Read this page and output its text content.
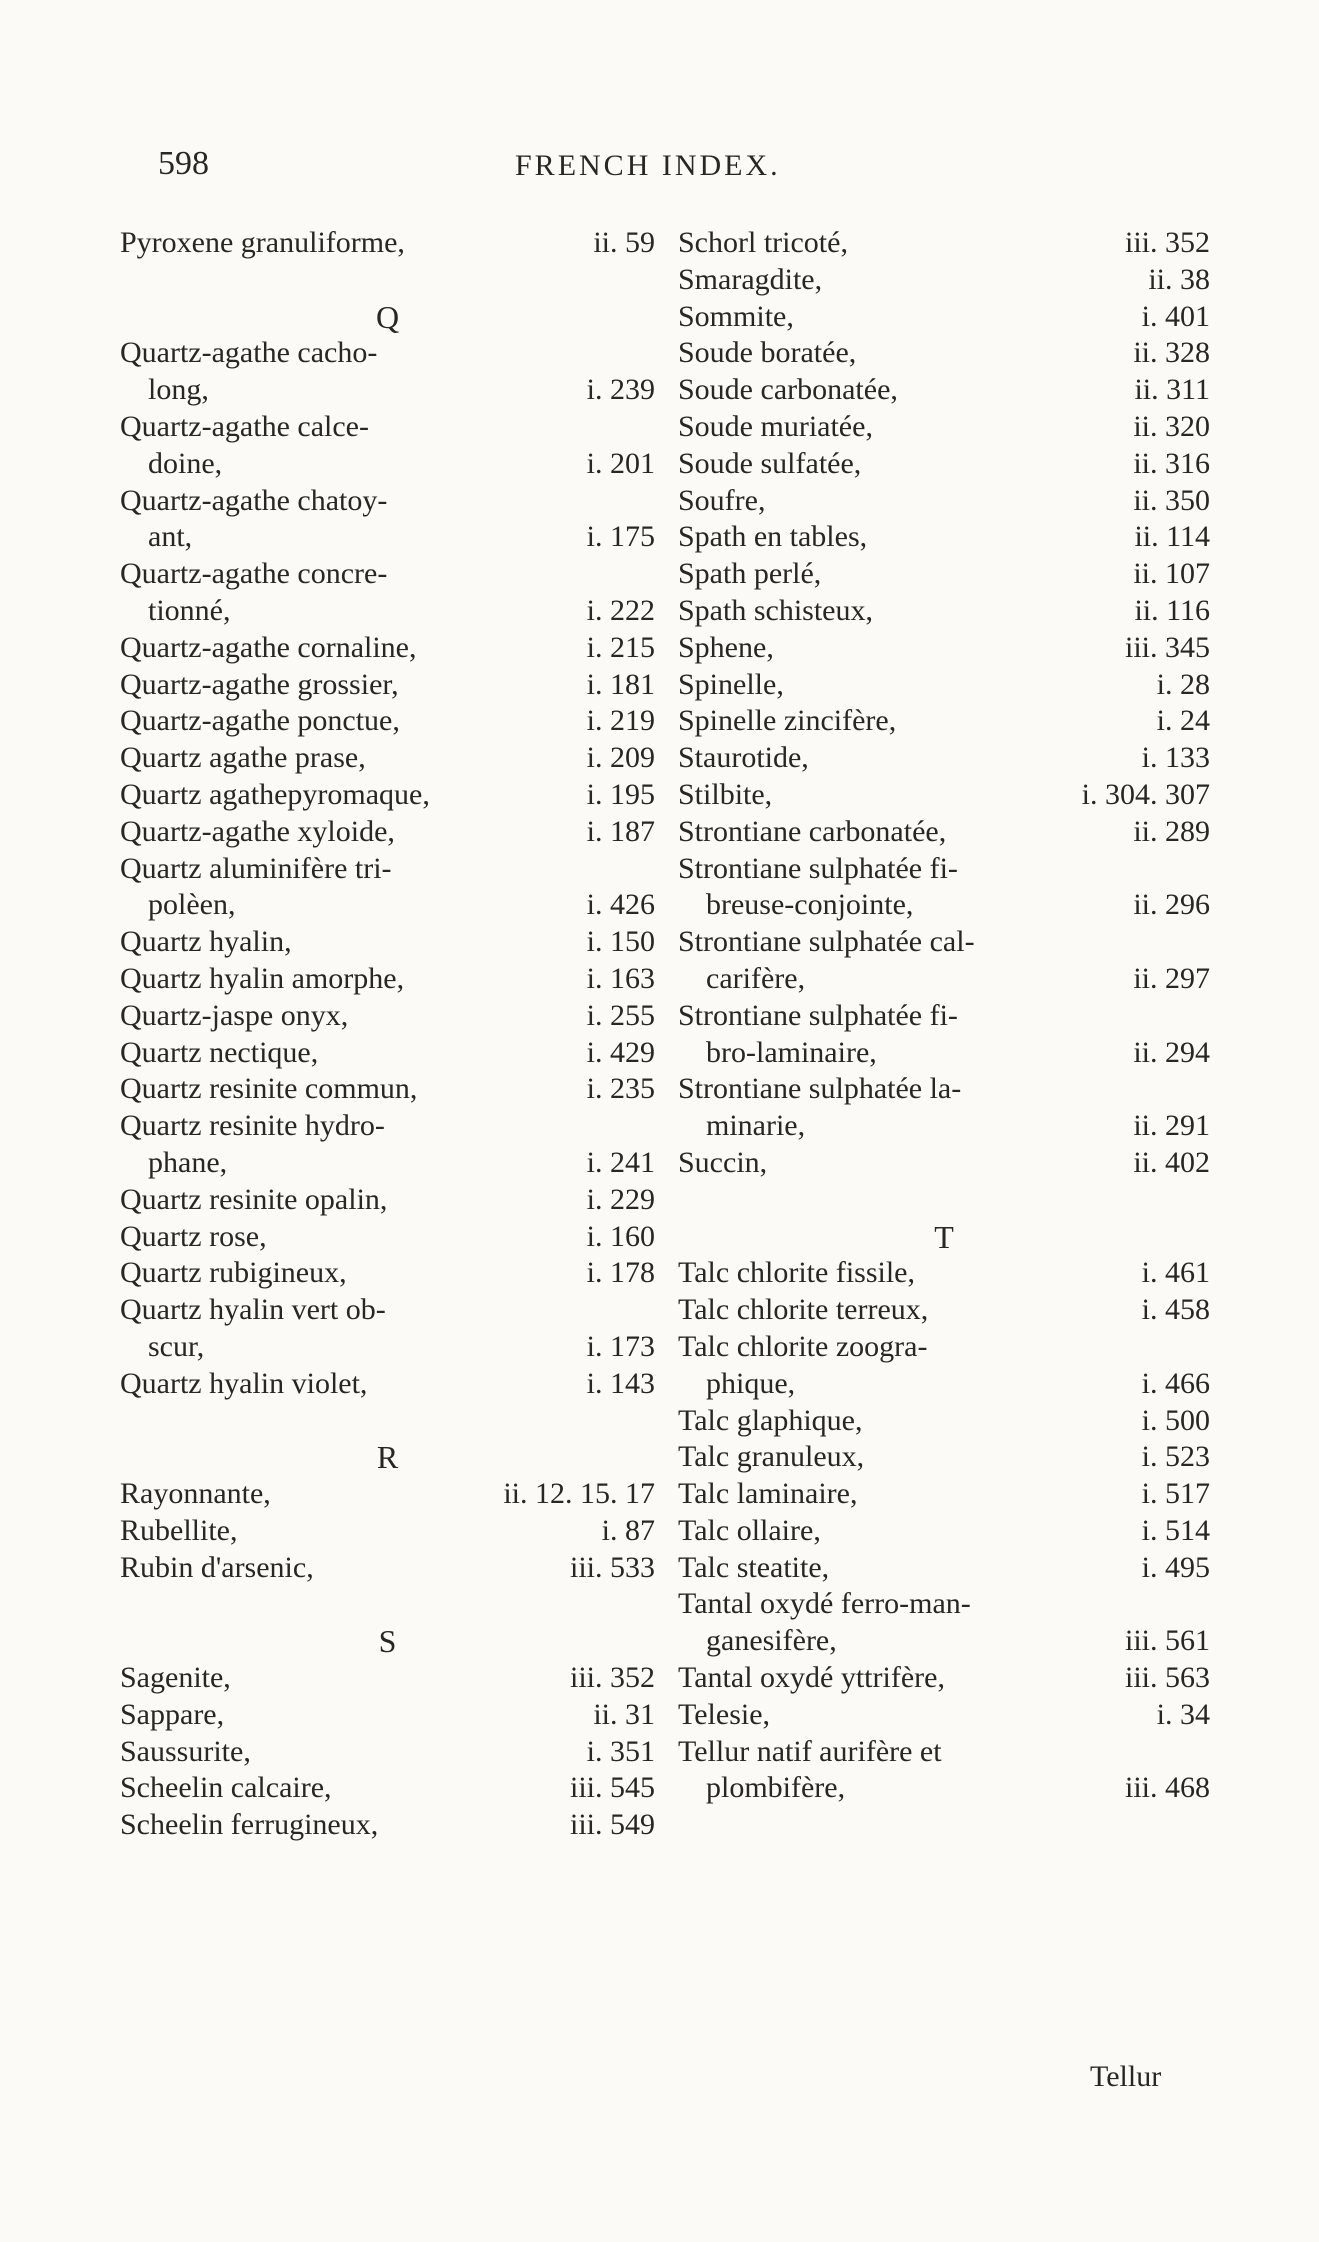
598	FRENCH INDEX.
Pyroxene granuliforme,	ii. 59
Q
Quartz-agathe cacho-
long,	i. 239
Quartz-agathe calce-
doine,	i. 201
Quartz-agathe chatoy-
ant,	i. 175
Quartz-agathe concre-
tionné,	i. 222
Quartz-agathe cornaline,	i. 215
Quartz-agathe grossier,	i. 181
Quartz-agathe ponctue,	i. 219
Quartz agathe prase,	i. 209
Quartz agathepyromaque,	i. 195
Quartz-agathe xyloide,	i. 187
Quartz aluminifère tri-
polèen,	i. 426
Quartz hyalin,	i. 150
Quartz hyalin amorphe,	i. 163
Quartz-jaspe onyx,	i. 255
Quartz nectique,	i. 429
Quartz resinite commun,	i. 235
Quartz resinite hydro-
phane,	i. 241
Quartz resinite opalin,	i. 229
Quartz rose,	i. 160
Quartz rubigineux,	i. 178
Quartz hyalin vert ob-
scur,	i. 173
Quartz hyalin violet,	i. 143
R
Rayonnante,	ii. 12. 15. 17
Rubellite,	i. 87
Rubin d'arsenic,	iii. 533
S
Sagenite,	iii. 352
Sappare,	ii. 31
Saussurite,	i. 351
Scheelin calcaire,	iii. 545
Scheelin ferrugineux,	iii. 549
Schorl tricoté,	iii. 352
Smaragdite,	ii. 38
Sommite,	i. 401
Soude boratée,	ii. 328
Soude carbonatée,	ii. 311
Soude muriatée,	ii. 320
Soude sulfatée,	ii. 316
Soufre,	ii. 350
Spath en tables,	ii. 114
Spath perlé,	ii. 107
Spath schisteux,	ii. 116
Sphene,	iii. 345
Spinelle,	i. 28
Spinelle zincifère,	i. 24
Staurotide,	i. 133
Stilbite,	i. 304. 307
Strontiane carbonatée,	ii. 289
Strontiane sulphatée fi-
breuse-conjointe,	ii. 296
Strontiane sulphatée cal-
carifère,	ii. 297
Strontiane sulphatée fi-
bro-laminaire,	ii. 294
Strontiane sulphatée la-
minarie,	ii. 291
Succin,	ii. 402
T
Talc chlorite fissile,	i. 461
Talc chlorite terreux,	i. 458
Talc chlorite zoogra-
phique,	i. 466
Talc glaphique,	i. 500
Talc granuleux,	i. 523
Talc laminaire,	i. 517
Talc ollaire,	i. 514
Talc steatite,	i. 495
Tantal oxydé ferro-man-
ganesifère,	iii. 561
Tantal oxydé yttrifère,	iii. 563
Telesie,	i. 34
Tellur natif aurifère et
plombifère,	iii. 468
Tellur
